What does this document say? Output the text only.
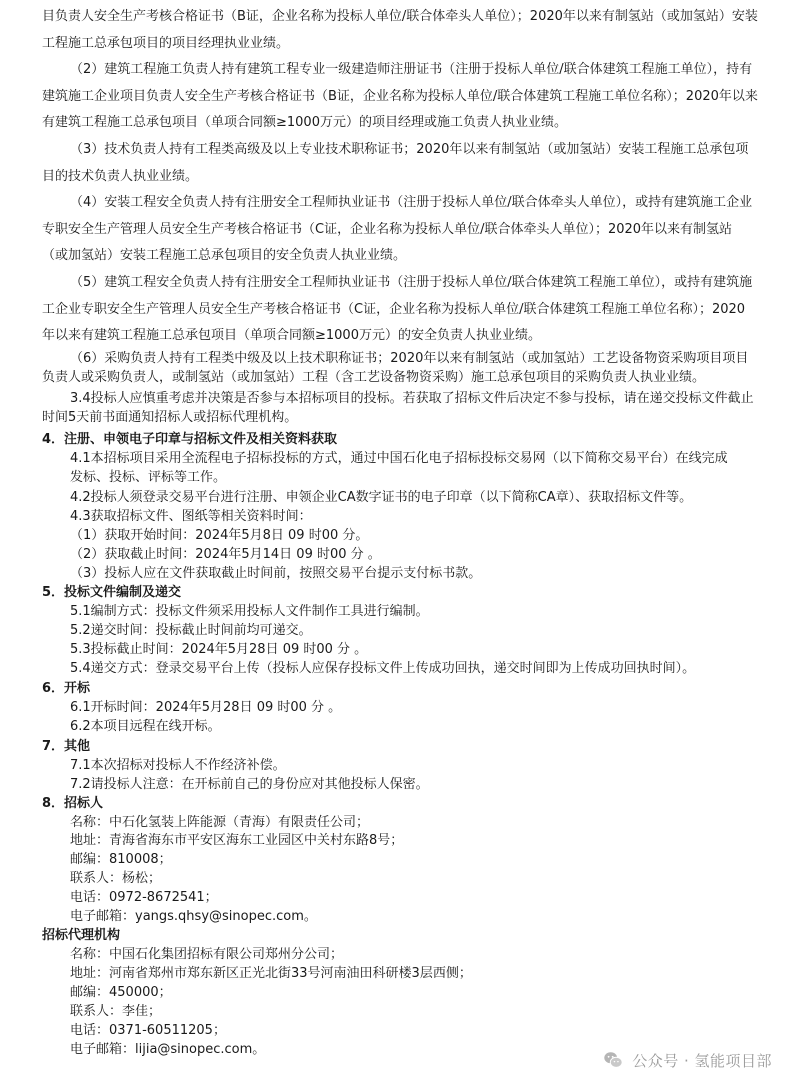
目负责人安全生产考核合格证书（B证，企业名称为投标人单位/联合体牵头人单位）；2020年以来有制氢站（或加氢站）安装工程施工总承包项目的项目经理执业业绩。

（2）建筑工程施工负责人持有建筑工程专业一级建造师注册证书（注册于投标人单位/联合体建筑工程施工单位），持有建筑施工企业项目负责人安全生产考核合格证书（B证，企业名称为投标人单位/联合体建筑工程施工单位名称）；2020年以来有建筑工程施工总承包项目（单项合同额≥1000万元）的项目经理或施工负责人执业业绩。

（3）技术负责人持有工程类高级及以上专业技术职称证书；2020年以来有制氢站（或加氢站）安装工程施工总承包项目的技术负责人执业业绩。

（4）安装工程安全负责人持有注册安全工程师执业证书（注册于投标人单位/联合体牵头人单位），或持有建筑施工企业专职安全生产管理人员安全生产考核合格证书（C证，企业名称为投标人单位/联合体牵头人单位）；2020年以来有制氢站（或加氢站）安装工程施工总承包项目的安全负责人执业业绩。

（5）建筑工程安全负责人持有注册安全工程师执业证书（注册于投标人单位/联合体建筑工程施工单位），或持有建筑施工企业专职安全生产管理人员安全生产考核合格证书（C证，企业名称为投标人单位/联合体建筑工程施工单位名称）；2020年以来有建筑工程施工总承包项目（单项合同额≥1000万元）的安全负责人执业业绩。

（6）采购负责人持有工程类中级及以上技术职称证书；2020年以来有制氢站（或加氢站）工艺设备物资采购项目项目负责人或采购负责人，或制氢站（或加氢站）工程（含工艺设备物资采购）施工总承包项目的采购负责人执业业绩。

3.4投标人应慎重考虑并决策是否参与本招标项目的投标。若获取了招标文件后决定不参与投标，请在递交投标文件截止时间5天前书面通知招标人或招标代理机构。

4．注册、申领电子印章与招标文件及相关资料获取

4.1本招标项目采用全流程电子招标投标的方式，通过中国石化电子招标投标交易网（以下简称交易平台）在线完成发标、投标、评标等工作。

4.2投标人须登录交易平台进行注册、申领企业CA数字证书的电子印章（以下简称CA章）、获取招标文件等。
4.3获取招标文件、图纸等相关资料时间：
（1）获取开始时间：2024年5月8日 09 时00 分。
（2）获取截止时间：2024年5月14日 09 时00 分 。
（3）投标人应在文件获取截止时间前，按照交易平台提示支付标书款。
5．投标文件编制及递交
5.1编制方式：投标文件须采用投标人文件制作工具进行编制。
5.2递交时间：投标截止时间前均可递交。
5.3投标截止时间：2024年5月28日 09 时00 分 。
5.4递交方式：登录交易平台上传（投标人应保存投标文件上传成功回执，递交时间即为上传成功回执时间）。
6．开标
6.1开标时间：2024年5月28日 09 时00 分 。
6.2本项目远程在线开标。
7．其他
7.1本次招标对投标人不作经济补偿。
7.2请投标人注意：在开标前自己的身份应对其他投标人保密。
8．招标人
名称：中石化氢装上阵能源（青海）有限责任公司；
地址：青海省海东市平安区海东工业园区中关村东路8号；
邮编：810008；
联系人：杨松；
电话：0972-8672541；
电子邮箱：yangs.qhsy@sinopec.com。
招标代理机构
名称：中国石化集团招标有限公司郑州分公司；
地址：河南省郑州市郑东新区正光北街33号河南油田科研楼3层西侧；
邮编：450000；
联系人：李佳；
电话：0371-60511205；
电子邮箱：lijia@sinopec.com。
公众号 · 氢能项目部
